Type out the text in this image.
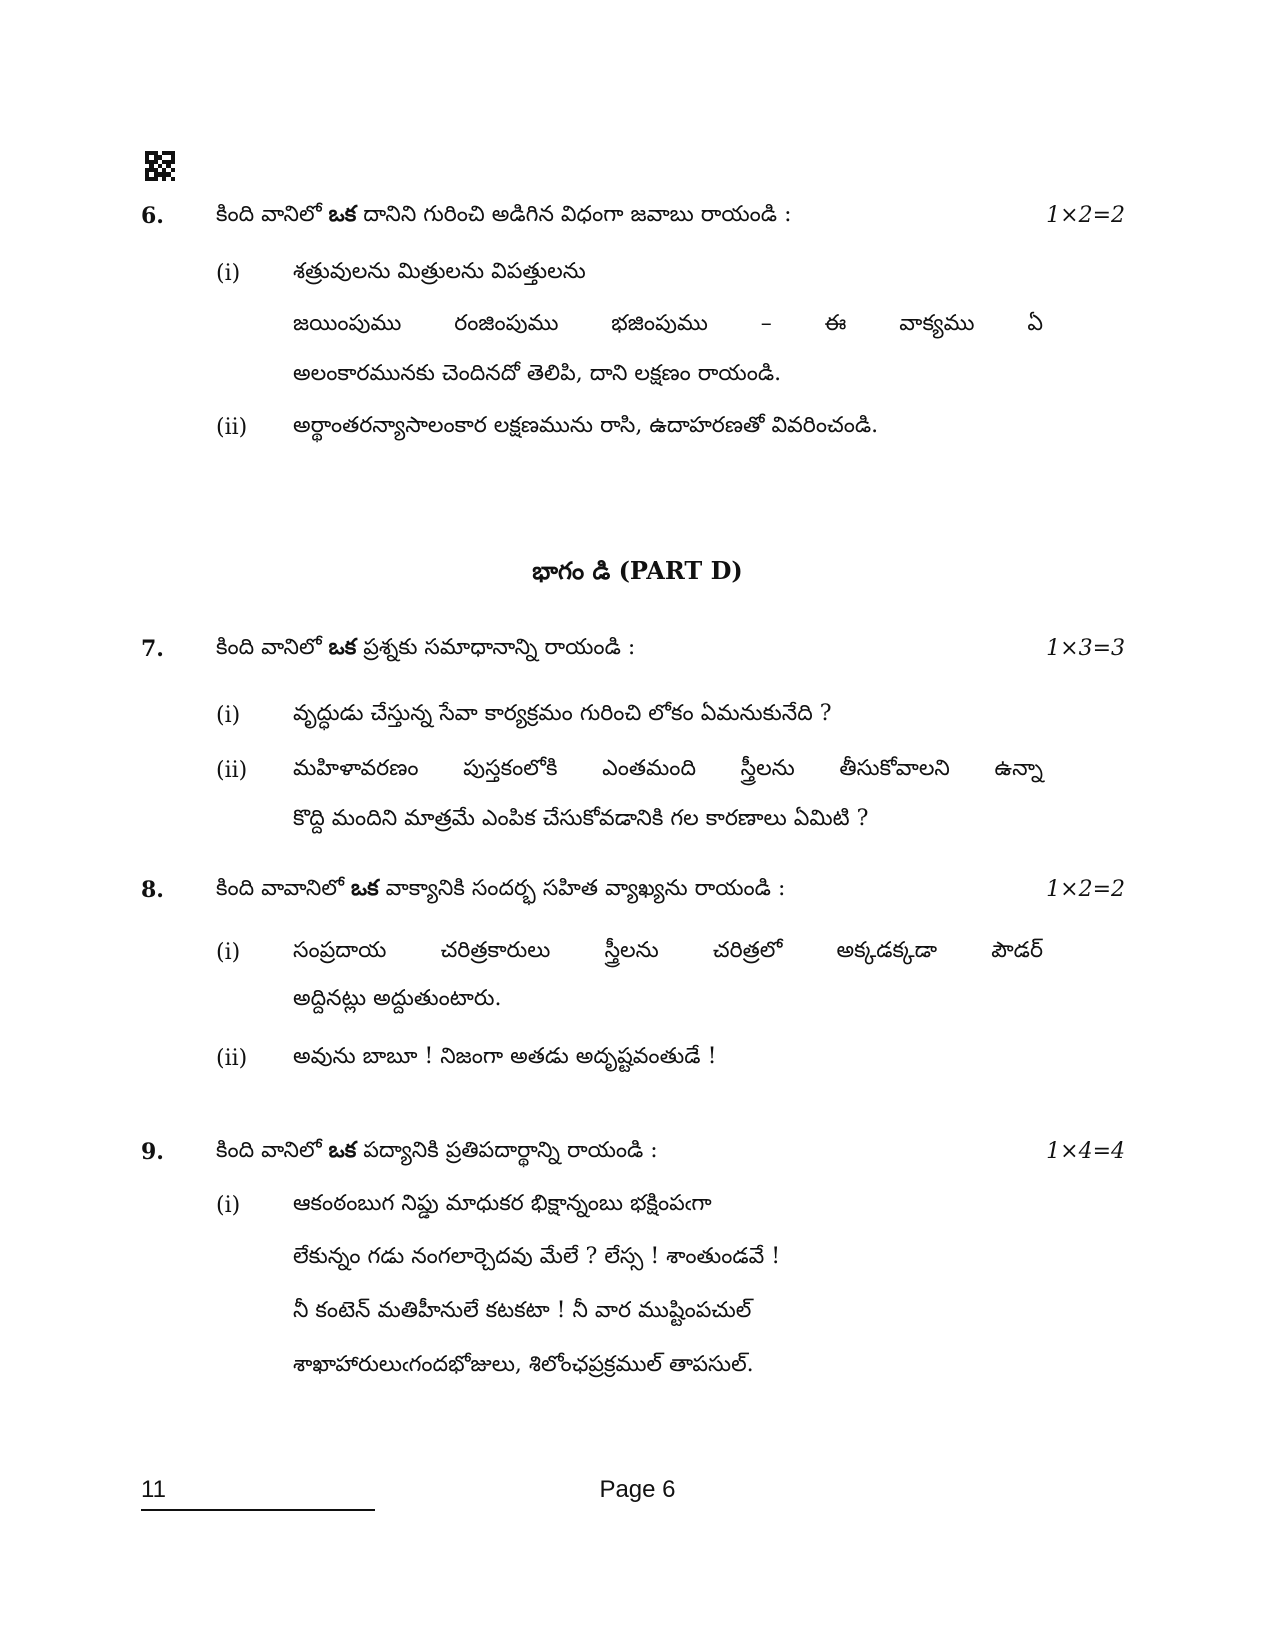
6. కింది వానిలో ఒక దానిని గురించి అడిగిన విధంగా జవాబు రాయండి :	1×2=2
(i) శత్రువులను మిత్రులను విపత్తులను
జయింపుము రంజింపుము భజింపుము – ఈ వాక్యము ఏ
అలంకారమునకు చెందినదో తెలిపి, దాని లక్షణం రాయండి.
(ii) అర్థాంతరన్యాసాలంకార లక్షణమును రాసి, ఉదాహరణతో వివరించండి.
భాగం డి (PART D)
7. కింది వానిలో ఒక ప్రశ్నకు సమాధానాన్ని రాయండి :	1×3=3
(i) వృద్ధుడు చేస్తున్న సేవా కార్యక్రమం గురించి లోకం ఏమనుకునేది ?
(ii) మహిళావరణం పుస్తకంలోకి ఎంతమంది స్త్రీలను తీసుకోవాలని ఉన్నా
కొద్ది మందిని మాత్రమే ఎంపిక చేసుకోవడానికి గల కారణాలు ఏమిటి ?
8. కింది వావానిలో ఒక వాక్యానికి సందర్భ సహిత వ్యాఖ్యను రాయండి :	1×2=2
(i) సంప్రదాయ చరిత్రకారులు స్త్రీలను చరిత్రలో అక్కడక్కడా పౌడర్
అద్దినట్లు అద్దుతుంటారు.
(ii) అవును బాబూ ! నిజంగా అతడు అదృష్టవంతుడే !
9. కింది వానిలో ఒక పద్యానికి ప్రతిపదార్థాన్ని రాయండి :	1×4=4
(i) ఆకంఠంబుగ నిప్డు మాధుకర భిక్షాన్నంబు భక్షింపఁగా
లేకున్నం గడు నంగలార్చెదవు మేలే ? లేస్స ! శాంతుండవే !
నీ కంటెన్ మతిహీనులే కటకటా ! నీ వార ముష్టింపచుల్
శాఖాహారులుఁగందభోజులు, శిలోంఛప్రక్రముల్ తాపసుల్.
11	Page 6
